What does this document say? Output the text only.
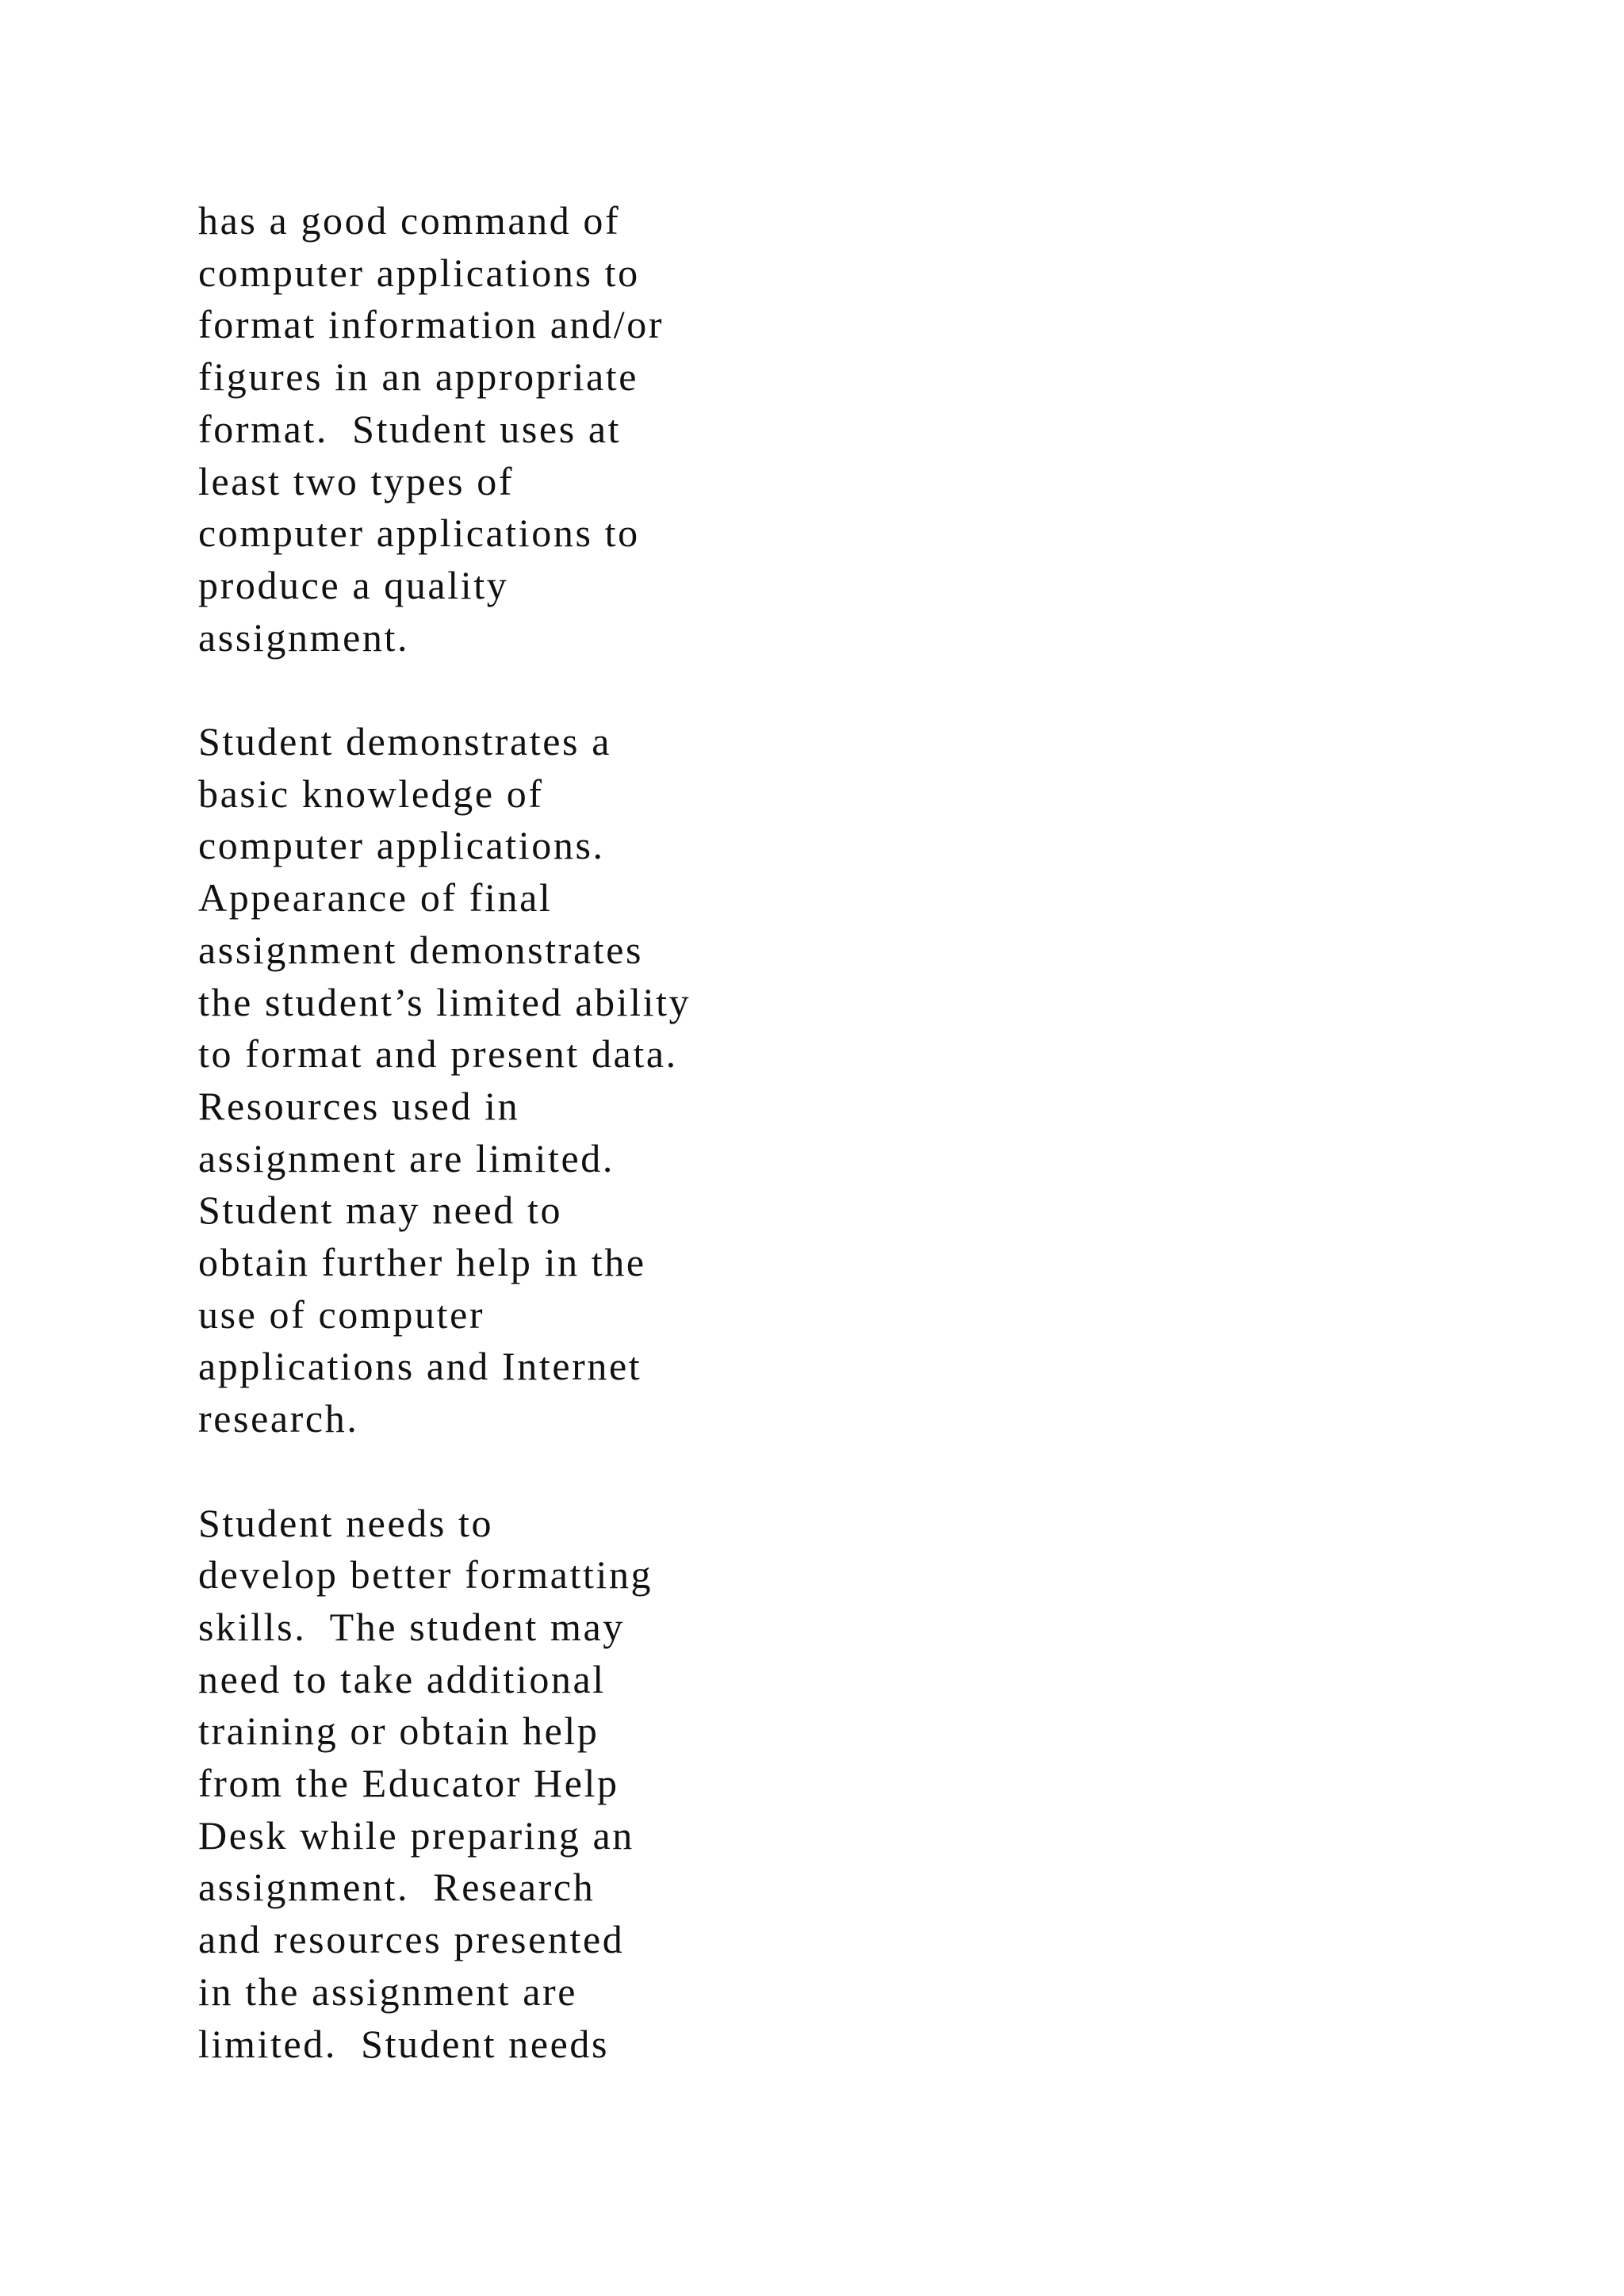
has a good command of
computer applications to
format information and/or
figures in an appropriate
format.  Student uses at
least two types of
computer applications to
produce a quality
assignment.

Student demonstrates a
basic knowledge of
computer applications.
Appearance of final
assignment demonstrates
the student’s limited ability
to format and present data.
Resources used in
assignment are limited.
Student may need to
obtain further help in the
use of computer
applications and Internet
research.

Student needs to
develop better formatting
skills.  The student may
need to take additional
training or obtain help
from the Educator Help
Desk while preparing an
assignment.  Research
and resources presented
in the assignment are
limited.  Student needs
